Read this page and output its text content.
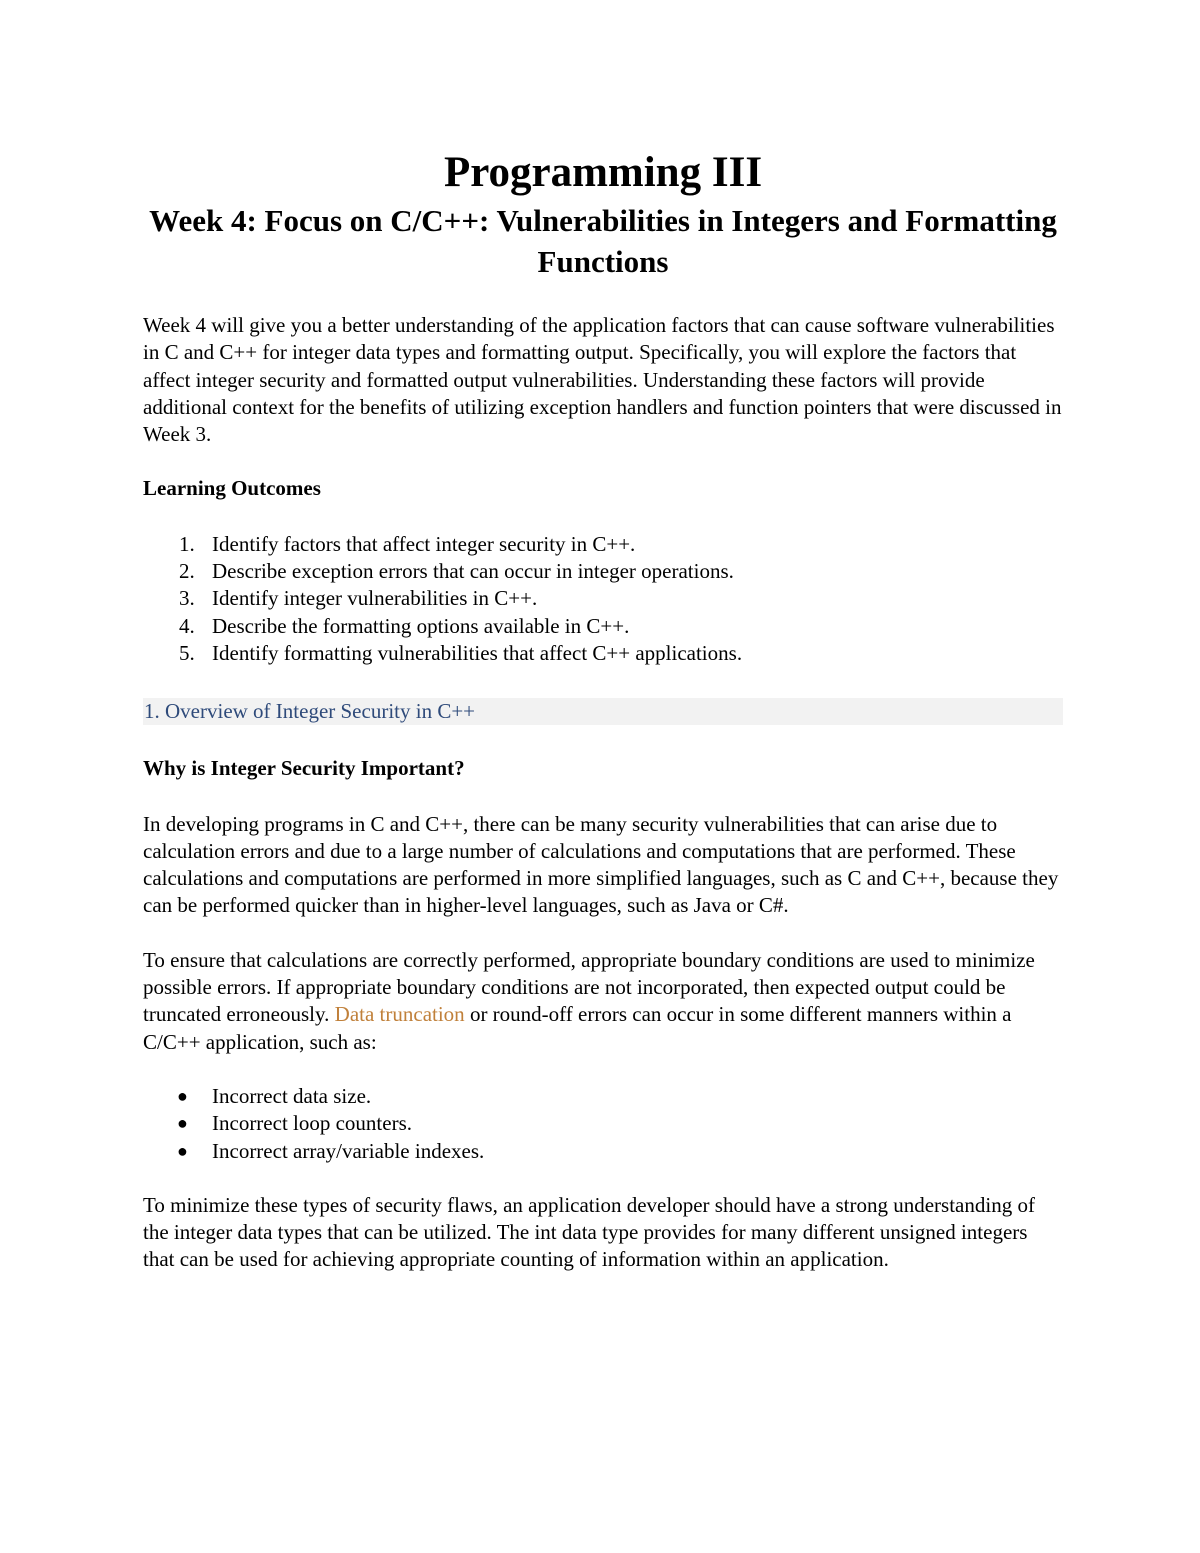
Programming III
Week 4: Focus on C/C++: Vulnerabilities in Integers and Formatting Functions

Week 4 will give you a better understanding of the application factors that can cause software vulnerabilities in C and C++ for integer data types and formatting output. Specifically, you will explore the factors that affect integer security and formatted output vulnerabilities. Understanding these factors will provide additional context for the benefits of utilizing exception handlers and function pointers that were discussed in Week 3.

Learning Outcomes

1. Identify factors that affect integer security in C++.
2. Describe exception errors that can occur in integer operations.
3. Identify integer vulnerabilities in C++.
4. Describe the formatting options available in C++.
5. Identify formatting vulnerabilities that affect C++ applications.
1. Overview of Integer Security in C++

Why is Integer Security Important?

In developing programs in C and C++, there can be many security vulnerabilities that can arise due to calculation errors and due to a large number of calculations and computations that are performed. These calculations and computations are performed in more simplified languages, such as C and C++, because they can be performed quicker than in higher-level languages, such as Java or C#.

To ensure that calculations are correctly performed, appropriate boundary conditions are used to minimize possible errors. If appropriate boundary conditions are not incorporated, then expected output could be truncated erroneously. Data truncation or round-off errors can occur in some different manners within a C/C++ application, such as:

● Incorrect data size.
● Incorrect loop counters.
● Incorrect array/variable indexes.

To minimize these types of security flaws, an application developer should have a strong understanding of the integer data types that can be utilized. The int data type provides for many different unsigned integers that can be used for achieving appropriate counting of information within an application.
